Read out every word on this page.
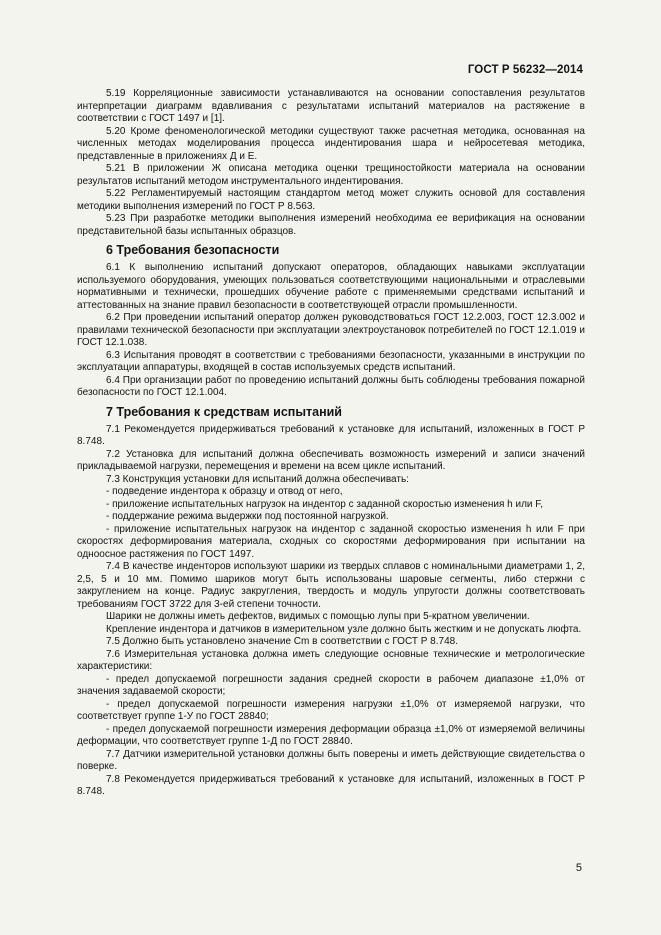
ГОСТ Р 56232—2014

5.19 Корреляционные зависимости устанавливаются на основании сопоставления результатов интерпретации диаграмм вдавливания с результатами испытаний материалов на растяжение в соответствии с ГОСТ 1497 и [1].

5.20 Кроме феноменологической методики существуют также расчетная методика, основанная на численных методах моделирования процесса индентирования шара и нейросетевая методика, представленные в приложениях Д и Е.

5.21 В приложении Ж описана методика оценки трещиностойкости материала на основании результатов испытаний методом инструментального индентирования.

5.22 Регламентируемый настоящим стандартом метод может служить основой для составления методики выполнения измерений по ГОСТ Р 8.563.

5.23 При разработке методики выполнения измерений необходима ее верификация на основании представительной базы испытанных образцов.

6 Требования безопасности

6.1 К выполнению испытаний допускают операторов, обладающих навыками эксплуатации используемого оборудования, умеющих пользоваться соответствующими национальными и отраслевыми нормативными и технически, прошедших обучение работе с применяемыми средствами испытаний и аттестованных на знание правил безопасности в соответствующей отрасли промышленности.

6.2 При проведении испытаний оператор должен руководствоваться ГОСТ 12.2.003, ГОСТ 12.3.002 и правилами технической безопасности при эксплуатации электроустановок потребителей по ГОСТ 12.1.019 и ГОСТ 12.1.038.

6.3 Испытания проводят в соответствии с требованиями безопасности, указанными в инструкции по эксплуатации аппаратуры, входящей в состав используемых средств испытаний.

6.4 При организации работ по проведению испытаний должны быть соблюдены требования пожарной безопасности по ГОСТ 12.1.004.

7 Требования к средствам испытаний

7.1 Рекомендуется придерживаться требований к установке для испытаний, изложенных в ГОСТ Р 8.748.

7.2 Установка для испытаний должна обеспечивать возможность измерений и записи значений прикладываемой нагрузки, перемещения и времени на всем цикле испытаний.

7.3 Конструкция установки для испытаний должна обеспечивать:

- подведение индентора к образцу и отвод от него,

- приложение испытательных нагрузок на индентор с заданной скоростью изменения h или F,

- поддержание режима выдержки под постоянной нагрузкой.

- приложение испытательных нагрузок на индентор с заданной скоростью изменения h или F при скоростях деформирования материала, сходных со скоростями деформирования при испытании на одноосное растяжения по ГОСТ 1497.

7.4 В качестве инденторов используют шарики из твердых сплавов с номинальными диаметрами 1, 2, 2,5, 5 и 10 мм. Помимо шариков могут быть использованы шаровые сегменты, либо стержни с закруглением на конце. Радиус закругления, твердость и модуль упругости должны соответствовать требованиям ГОСТ 3722 для 3-ей степени точности.

Шарики не должны иметь дефектов, видимых с помощью лупы при 5-кратном увеличении.

Крепление индентора и датчиков в измерительном узле должно быть жестким и не допускать люфта.

7.5 Должно быть установлено значение Cm в соответствии с ГОСТ Р 8.748.

7.6 Измерительная установка должна иметь следующие основные технические и метрологические характеристики:

- предел допускаемой погрешности задания средней скорости в рабочем диапазоне ±1,0% от значения задаваемой скорости;

- предел допускаемой погрешности измерения нагрузки ±1,0% от измеряемой нагрузки, что соответствует группе 1-У по ГОСТ 28840;

- предел допускаемой погрешности измерения деформации образца ±1,0% от измеряемой величины деформации, что соответствует группе 1-Д по ГОСТ 28840.

7.7 Датчики измерительной установки должны быть поверены и иметь действующие свидетельства о поверке.

7.8 Рекомендуется придерживаться требований к установке для испытаний, изложенных в ГОСТ Р 8.748.

5
